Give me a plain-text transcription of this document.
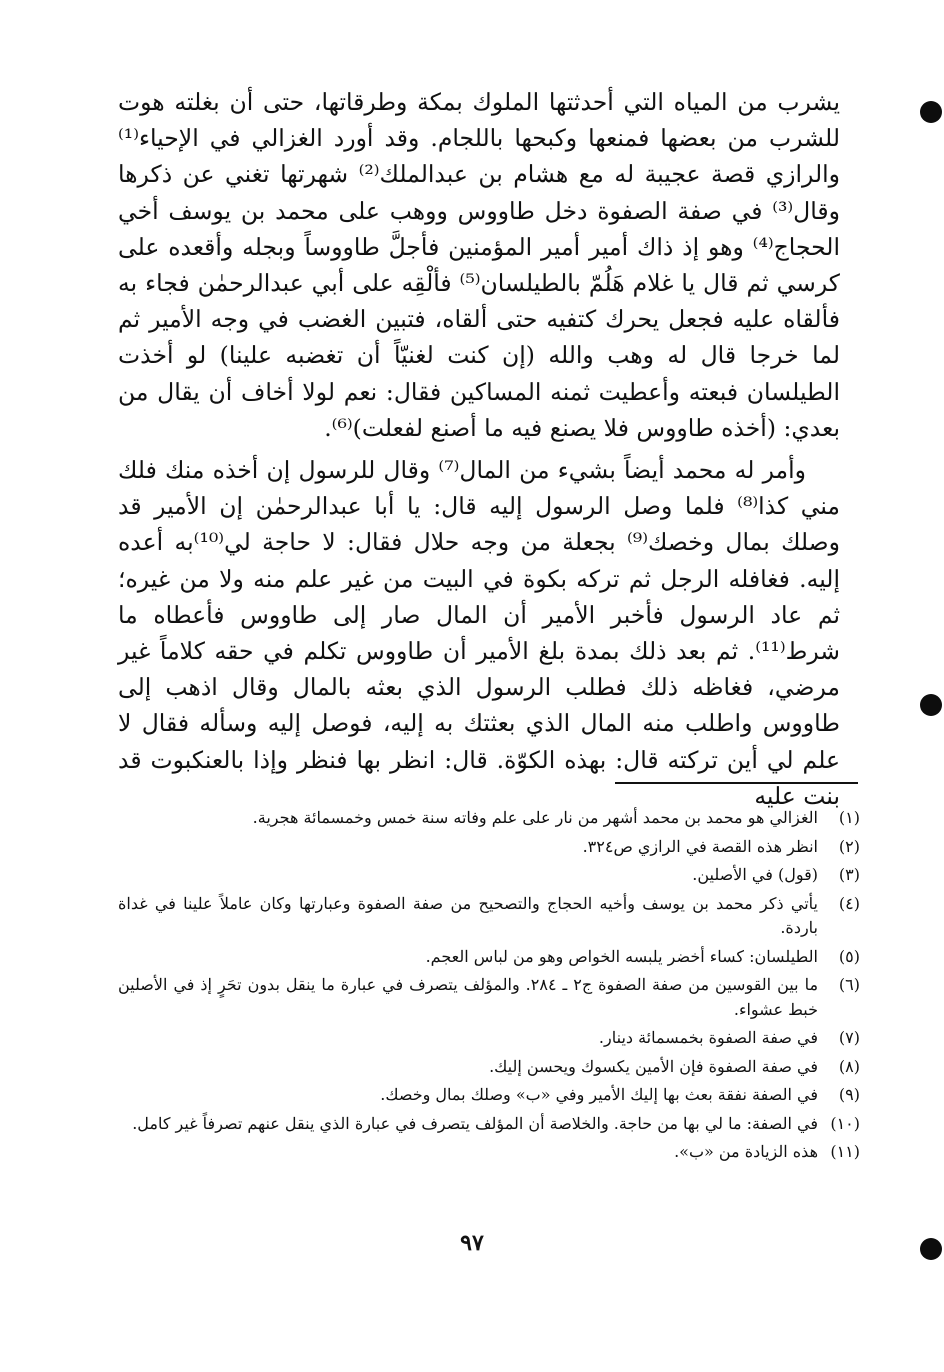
يشرب من المياه التي أحدثتها الملوك بمكة وطرقاتها، حتى أن بغلته هوت للشرب من بعضها فمنعها وكبحها باللجام. وقد أورد الغزالي في الإحياء⁽¹⁾ والرازي قصة عجيبة له مع هشام بن عبدالملك⁽²⁾ شهرتها تغني عن ذكرها وقال⁽³⁾ في صفة الصفوة دخل طاووس ووهب على محمد بن يوسف أخي الحجاج⁽⁴⁾ وهو إذ ذاك أمير أمير المؤمنين فأجلَّ طاووساً وبجله وأقعده على كرسي ثم قال يا غلام هَلُمّ بالطيلسان⁽⁵⁾ فألْقِه على أبي عبدالرحمٰن فجاء به فألقاه عليه فجعل يحرك كتفيه حتى ألقاه، فتبين الغضب في وجه الأمير ثم لما خرجا قال له وهب والله (إن كنت لغنيّاً أن تغضبه علينا) لو أخذت الطيلسان فبعته وأعطيت ثمنه المساكين فقال: نعم لولا أخاف أن يقال من بعدي: (أخذه طاووس فلا يصنع فيه ما أصنع لفعلت)⁽⁶⁾.

وأمر له محمد أيضاً بشيء من المال⁽⁷⁾ وقال للرسول إن أخذه منك فلك مني كذا⁽⁸⁾ فلما وصل الرسول إليه قال: يا أبا عبدالرحمٰن إن الأمير قد وصلك بمال وخصك⁽⁹⁾ بجعلة من وجه حلال فقال: لا حاجة لي⁽¹⁰⁾به أعده إليه. فغافله الرجل ثم تركه بكوة في البيت من غير علم منه ولا من غيره؛ ثم عاد الرسول فأخبر الأمير أن المال صار إلى طاووس فأعطاه ما شرط⁽¹¹⁾. ثم بعد ذلك بمدة بلغ الأمير أن طاووس تكلم في حقه كلاماً غير مرضي، فغاظه ذلك فطلب الرسول الذي بعثه بالمال وقال اذهب إلى طاووس واطلب منه المال الذي بعثتك به إليه، فوصل إليه وسأله فقال لا علم لي أين تركته قال: بهذه الكوّة. قال: انظر بها فنظر وإذا بالعنكبوت قد بنت عليه

(١)
الغزالي هو محمد بن محمد أشهر من نار على علم وفاته سنة خمس وخمسمائة هجرية.
(٢)
انظر هذه القصة في الرازي ص٣٢٤.
(٣)
(قول) في الأصلين.
(٤)
يأتي ذكر محمد بن يوسف وأخيه الحجاج والتصحيح من صفة الصفوة وعبارتها وكان عاملاً علينا في غداة باردة.
(٥)
الطيلسان: كساء أخضر يلبسه الخواص وهو من لباس العجم.
(٦)
ما بين القوسين من صفة الصفوة ج٢ ـ ٢٨٤. والمؤلف يتصرف في عبارة ما ينقل بدون تحَرٍ إذ في الأصلين خبط عشواء.
(٧)
في صفة الصفوة بخمسمائة دينار.
(٨)
في صفة الصفوة فإن الأمين يكسوك ويحسن إليك.
(٩)
في الصفة نفقة بعث بها إليك الأمير وفي «ب» وصلك بمال وخصك.
(١٠)
في الصفة: ما لي بها من حاجة. والخلاصة أن المؤلف يتصرف في عبارة الذي ينقل عنهم تصرفاً غير كامل.
(١١)
هذه الزيادة من «ب».
٩٧
